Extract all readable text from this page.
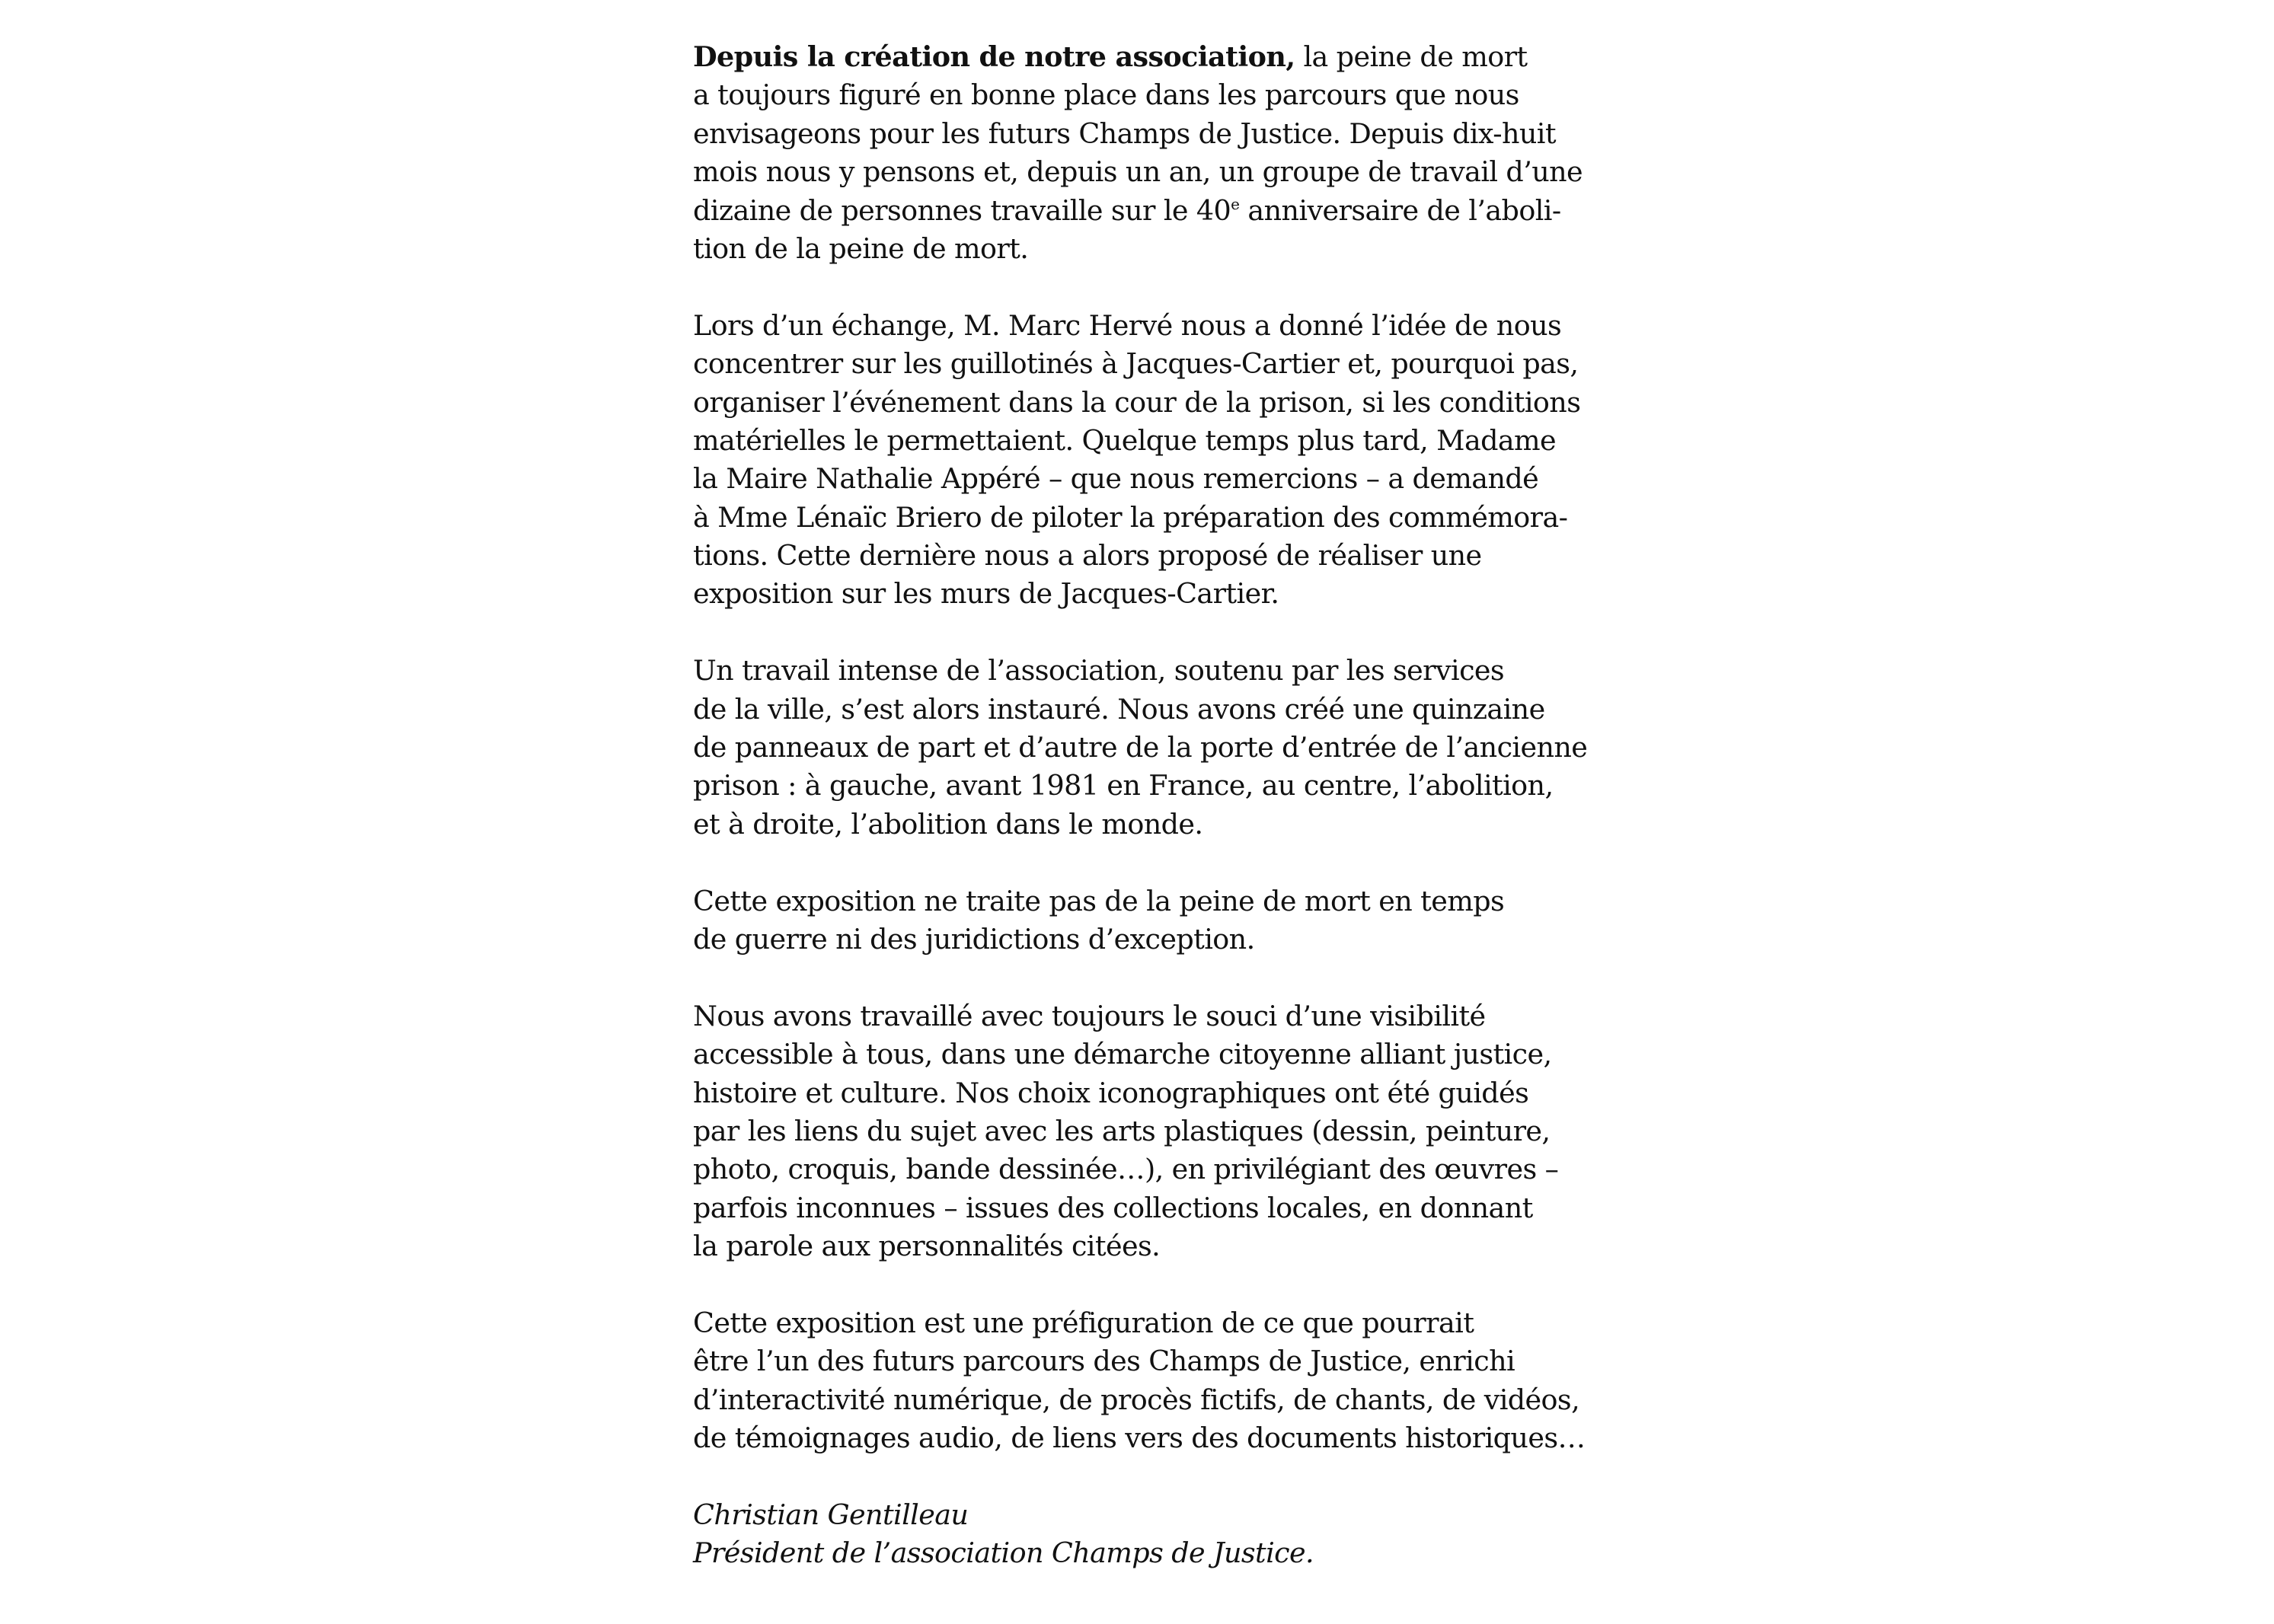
Depuis la création de notre association, la peine de mort
a toujours figuré en bonne place dans les parcours que nous
envisageons pour les futurs Champs de Justice. Depuis dix-huit
mois nous y pensons et, depuis un an, un groupe de travail d’une
dizaine de personnes travaille sur le 40e anniversaire de l’aboli-
tion de la peine de mort.
Lors d’un échange, M. Marc Hervé nous a donné l’idée de nous
concentrer sur les guillotinés à Jacques-Cartier et, pourquoi pas,
organiser l’événement dans la cour de la prison, si les conditions
matérielles le permettaient. Quelque temps plus tard, Madame
la Maire Nathalie Appéré – que nous remercions – a demandé
à Mme Lénaïc Briero de piloter la préparation des commémora-
tions. Cette dernière nous a alors proposé de réaliser une
exposition sur les murs de Jacques-Cartier.
Un travail intense de l’association, soutenu par les services
de la ville, s’est alors instauré. Nous avons créé une quinzaine
de panneaux de part et d’autre de la porte d’entrée de l’ancienne
prison : à gauche, avant 1981 en France, au centre, l’abolition,
et à droite, l’abolition dans le monde.
Cette exposition ne traite pas de la peine de mort en temps
de guerre ni des juridictions d’exception.
Nous avons travaillé avec toujours le souci d’une visibilité
accessible à tous, dans une démarche citoyenne alliant justice,
histoire et culture. Nos choix iconographiques ont été guidés
par les liens du sujet avec les arts plastiques (dessin, peinture,
photo, croquis, bande dessinée…), en privilégiant des œuvres –
parfois inconnues – issues des collections locales, en donnant
la parole aux personnalités citées.
Cette exposition est une préfiguration de ce que pourrait
être l’un des futurs parcours des Champs de Justice, enrichi
d’interactivité numérique, de procès fictifs, de chants, de vidéos,
de témoignages audio, de liens vers des documents historiques…
Christian Gentilleau
Président de l’association Champs de Justice.
